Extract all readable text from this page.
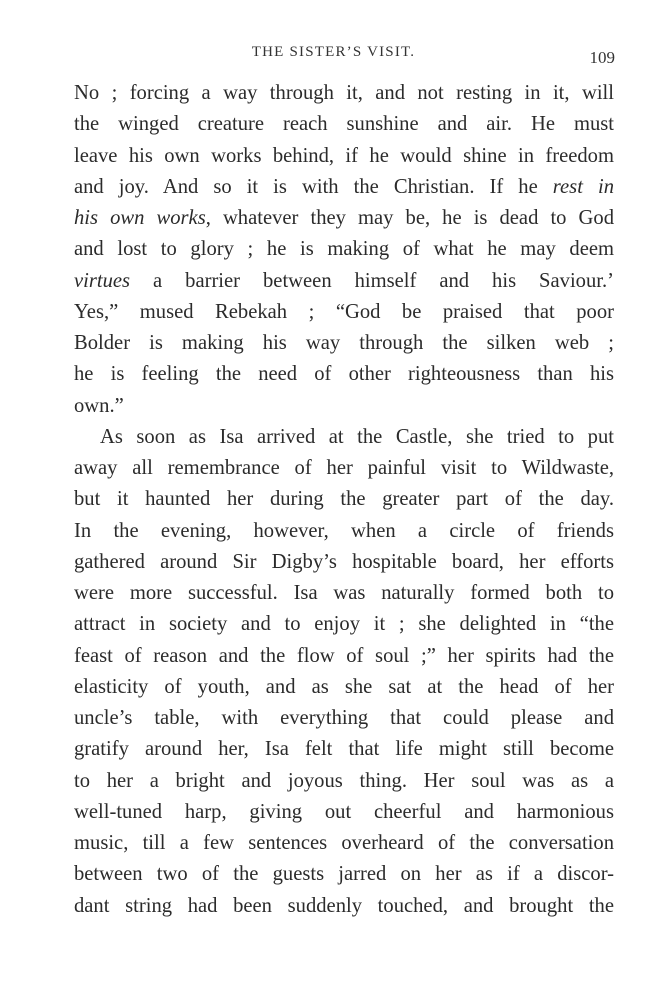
THE SISTER’S VISIT.	109
No ; forcing a way through it, and not resting in it, will
the winged creature reach sunshine and air. He must
leave his own works behind, if he would shine in freedom
and joy. And so it is with the Christian. If he rest in
his own works, whatever they may be, he is dead to God
and lost to glory ; he is making of what he may deem
virtues a barrier between himself and his Saviour.’
Yes,” mused Rebekah ; “God be praised that poor
Bolder is making his way through the silken web ;
he is feeling the need of other righteousness than his
own.”
As soon as Isa arrived at the Castle, she tried to put
away all remembrance of her painful visit to Wildwaste,
but it haunted her during the greater part of the day.
In the evening, however, when a circle of friends
gathered around Sir Digby’s hospitable board, her efforts
were more successful. Isa was naturally formed both to
attract in society and to enjoy it ; she delighted in “the
feast of reason and the flow of soul ;” her spirits had the
elasticity of youth, and as she sat at the head of her
uncle’s table, with everything that could please and
gratify around her, Isa felt that life might still become
to her a bright and joyous thing. Her soul was as a
well-tuned harp, giving out cheerful and harmonious
music, till a few sentences overheard of the conversation
between two of the guests jarred on her as if a discor-
dant string had been suddenly touched, and brought the
